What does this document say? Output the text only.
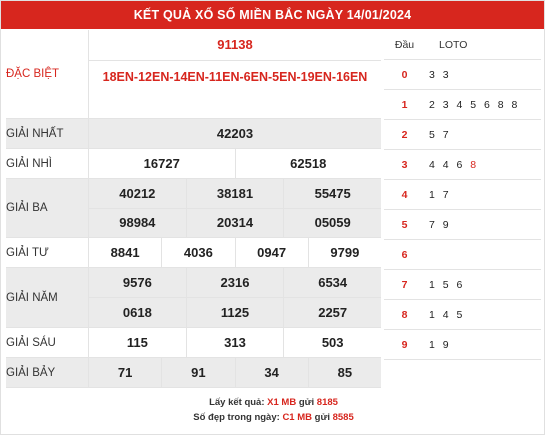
KẾT QUẢ XỔ SỐ MIỀN BẮC NGÀY 14/01/2024
ĐẶC BIỆT
91138
18EN-12EN-14EN-11EN-6EN-5EN-19EN-16EN
GIẢI NHẤT	42203
GIẢI NHÌ	16727	62518
GIẢI BA
40212	38181	55475
98984	20314	05059
GIẢI TƯ	8841	4036	0947	9799
GIẢI NĂM
9576	2316	6534
0618	1125	2257
GIẢI SÁU	115	313	503
GIẢI BẢY	71	91	34	85
Đầu	LOTO
0	3 3
1	2 3 4 5 6 8 8
2	5 7
3	4 4 6 8
4	1 7
5	7 9
6
7	1 5 6
8	1 4 5
9	1 9
Lấy kết quả: X1 MB gửi 8185
Số đẹp trong ngày: C1 MB gửi 8585
